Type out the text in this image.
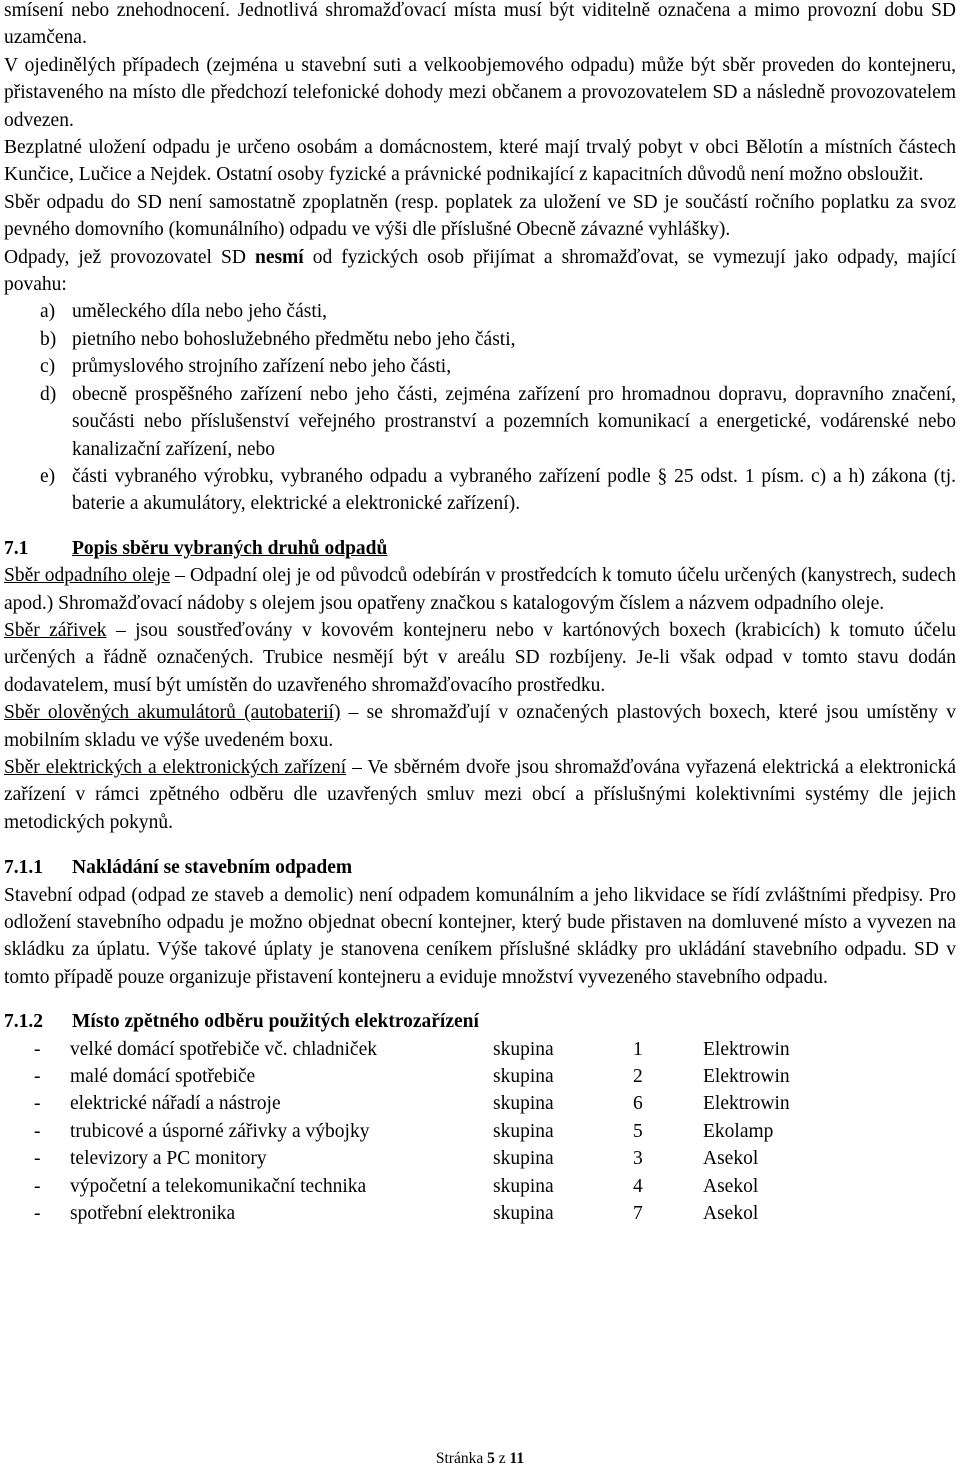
smísení nebo znehodnocení. Jednotlivá shromažďovací místa musí být viditelně označena a mimo provozní dobu SD uzamčena.

V ojedinělých případech (zejména u stavební suti a velkoobjemového odpadu) může být sběr proveden do kontejneru, přistaveného na místo dle předchozí telefonické dohody mezi občanem a provozovatelem SD a následně provozovatelem odvezen.

Bezplatné uložení odpadu je určeno osobám a domácnostem, které mají trvalý pobyt v obci Bělotín a místních částech Kunčice, Lučice a Nejdek. Ostatní osoby fyzické a právnické podnikající z kapacitních důvodů není možno obsloužit.

Sběr odpadu do SD není samostatně zpoplatněn (resp. poplatek za uložení ve SD je součástí ročního poplatku za svoz pevného domovního (komunálního) odpadu ve výši dle příslušné Obecně závazné vyhlášky).

Odpady, jež provozovatel SD nesmí od fyzických osob přijímat a shromažďovat, se vymezují jako odpady, mající povahu:

a) uměleckého díla nebo jeho části,
b) pietního nebo bohoslužebného předmětu nebo jeho části,
c) průmyslového strojního zařízení nebo jeho části,
d) obecně prospěšného zařízení nebo jeho části, zejména zařízení pro hromadnou dopravu, dopravního značení, součásti nebo příslušenství veřejného prostranství a pozemních komunikací a energetické, vodárenské nebo kanalizační zařízení, nebo
e) části vybraného výrobku, vybraného odpadu a vybraného zařízení podle § 25 odst. 1 písm. c) a h) zákona (tj. baterie a akumulátory, elektrické a elektronické zařízení).
7.1	Popis sběru vybraných druhů odpadů

Sběr odpadního oleje – Odpadní olej je od původců odebírán v prostředcích k tomuto účelu určených (kanystrech, sudech apod.) Shromažďovací nádoby s olejem jsou opatřeny značkou s katalogovým číslem a názvem odpadního oleje.

Sběr zářivek – jsou soustřeďovány v kovovém kontejneru nebo v kartónových boxech (krabicích) k tomuto účelu určených a řádně označených. Trubice nesmějí být v areálu SD rozbíjeny. Je-li však odpad v tomto stavu dodán dodavatelem, musí být umístěn do uzavřeného shromažďovacího prostředku.

Sběr olověných akumulátorů (autobaterií) – se shromažďují v označených plastových boxech, které jsou umístěny v mobilním skladu ve výše uvedeném boxu.

Sběr elektrických a elektronických zařízení – Ve sběrném dvoře jsou shromažďována vyřazená elektrická a elektronická zařízení v rámci zpětného odběru dle uzavřených smluv mezi obcí a příslušnými kolektivními systémy dle jejich metodických pokynů.

7.1.1	Nakládání se stavebním odpadem

Stavební odpad (odpad ze staveb a demolic) není odpadem komunálním a jeho likvidace se řídí zvláštními předpisy. Pro odložení stavebního odpadu je možno objednat obecní kontejner, který bude přistaven na domluvené místo a vyvezen na skládku za úplatu. Výše takové úplaty je stanovena ceníkem příslušné skládky pro ukládání stavebního odpadu. SD v tomto případě pouze organizuje přistavení kontejneru a eviduje množství vyvezeného stavebního odpadu.

7.1.2	Místo zpětného odběru použitých elektrozařízení
-	velké domácí spotřebiče vč. chladniček	skupina	1	Elektrowin
-	malé domácí spotřebiče	skupina	2	Elektrowin
-	elektrické nářadí a nástroje	skupina	6	Elektrowin
-	trubicové a úsporné zářivky a výbojky	skupina	5	Ekolamp
-	televizory a PC monitory	skupina	3	Asekol
-	výpočetní a telekomunikační technika	skupina	4	Asekol
-	spotřební elektronika	skupina	7	Asekol
Stránka 5 z 11
